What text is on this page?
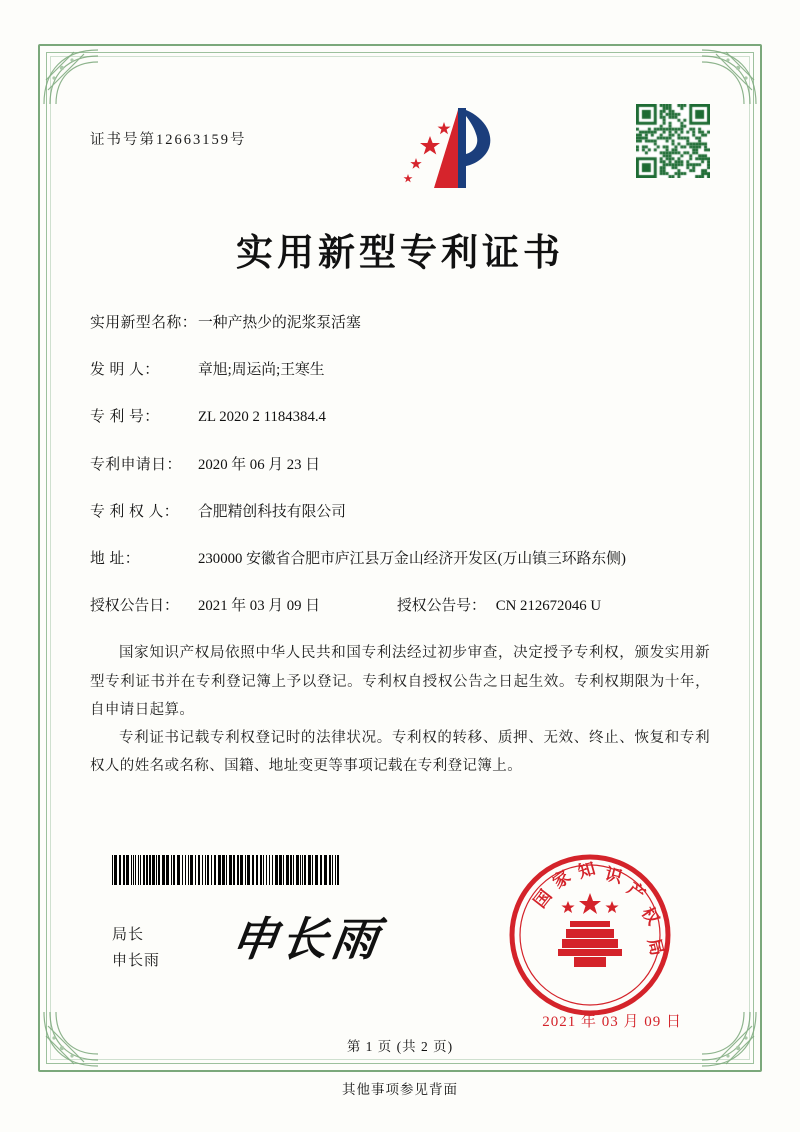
证书号第12663159号
实用新型专利证书
实用新型名称： 一种产热少的泥浆泵活塞
发 明 人：	章旭;周运尚;王寒生
专 利 号：	ZL 2020 2 1184384.4
专利申请日：	2020 年 06 月 23 日
专 利 权 人：	合肥精创科技有限公司
地 址：	230000 安徽省合肥市庐江县万金山经济开发区(万山镇三环路东侧)
授权公告日：	2021 年 03 月 09 日	授权公告号： CN 212672046 U

国家知识产权局依照中华人民共和国专利法经过初步审查，决定授予专利权，颁发实用新型专利证书并在专利登记簿上予以登记。专利权自授权公告之日起生效。专利权期限为十年，自申请日起算。

专利证书记载专利权登记时的法律状况。专利权的转移、质押、无效、终止、恢复和专利权人的姓名或名称、国籍、地址变更等事项记载在专利登记簿上。

局长
申长雨 申长雨
国
家 知 识
产
权
局
2021 年 03 月 09 日
第 1 页 (共 2 页)
其他事项参见背面
